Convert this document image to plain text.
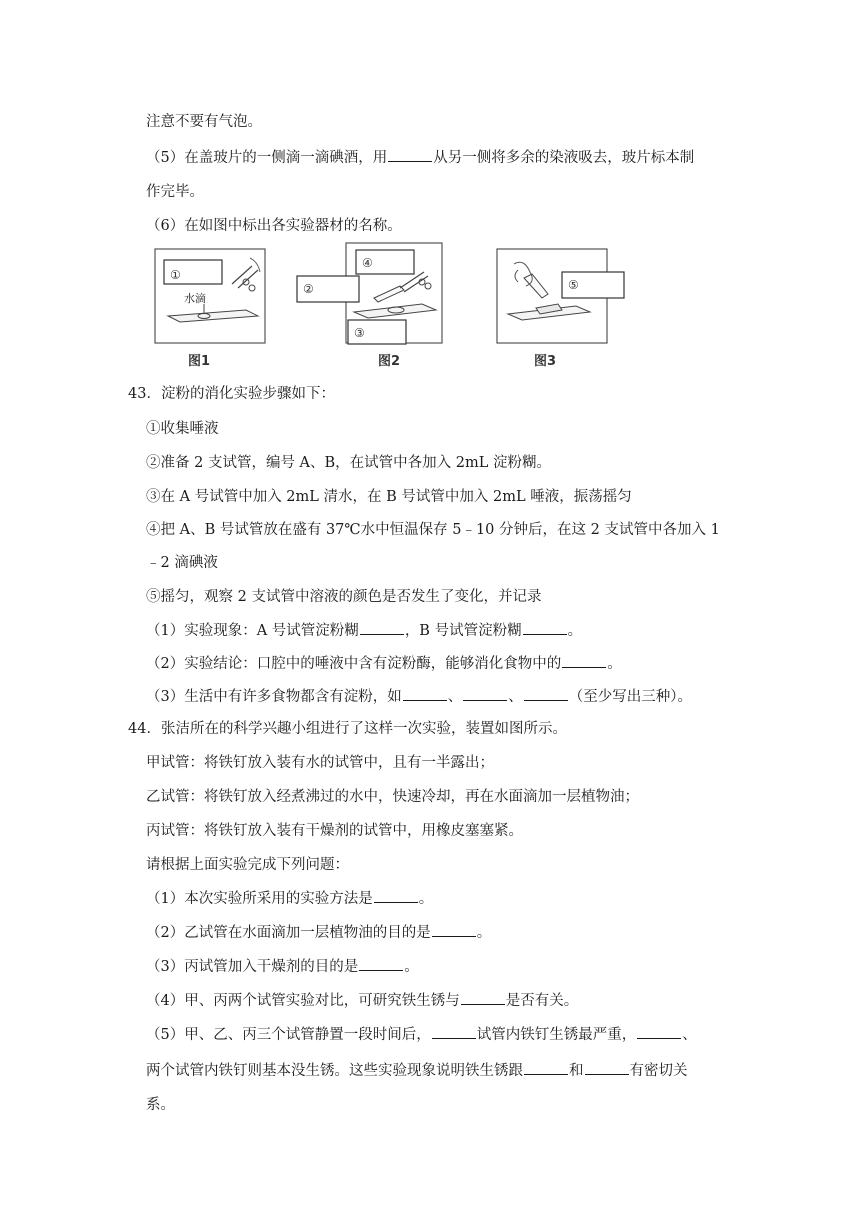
注意不要有气泡。
（5）在盖玻片的一侧滴一滴碘酒，用	从另一侧将多余的染液吸去，玻片标本制
作完毕。
（6）在如图中标出各实验器材的名称。
水滴
①
图1
④
②
③
图2
⑤
图3
43．淀粉的消化实验步骤如下：
①收集唾液
②准备 2 支试管，编号 A、B，在试管中各加入 2mL 淀粉糊。
③在 A 号试管中加入 2mL 清水，在 B 号试管中加入 2mL 唾液，振荡摇匀
④把 A、B 号试管放在盛有 37℃水中恒温保存 5﹣10 分钟后，在这 2 支试管中各加入 1
﹣2 滴碘液
⑤摇匀，观察 2 支试管中溶液的颜色是否发生了变化，并记录
（1）实验现象：A 号试管淀粉糊	，B 号试管淀粉糊	。
（2）实验结论：口腔中的唾液中含有淀粉酶，能够消化食物中的	。
（3）生活中有许多食物都含有淀粉，如	、	、	（至少写出三种）。
44．张洁所在的科学兴趣小组进行了这样一次实验，装置如图所示。
甲试管：将铁钉放入装有水的试管中，且有一半露出；
乙试管：将铁钉放入经煮沸过的水中，快速冷却，再在水面滴加一层植物油；
丙试管：将铁钉放入装有干燥剂的试管中，用橡皮塞塞紧。
请根据上面实验完成下列问题：
（1）本次实验所采用的实验方法是	。
（2）乙试管在水面滴加一层植物油的目的是	。
（3）丙试管加入干燥剂的目的是	。
（4）甲、丙两个试管实验对比，可研究铁生锈与	是否有关。
（5）甲、乙、丙三个试管静置一段时间后，	试管内铁钉生锈最严重，	、
两个试管内铁钉则基本没生锈。这些实验现象说明铁生锈跟	和	有密切关
系。
